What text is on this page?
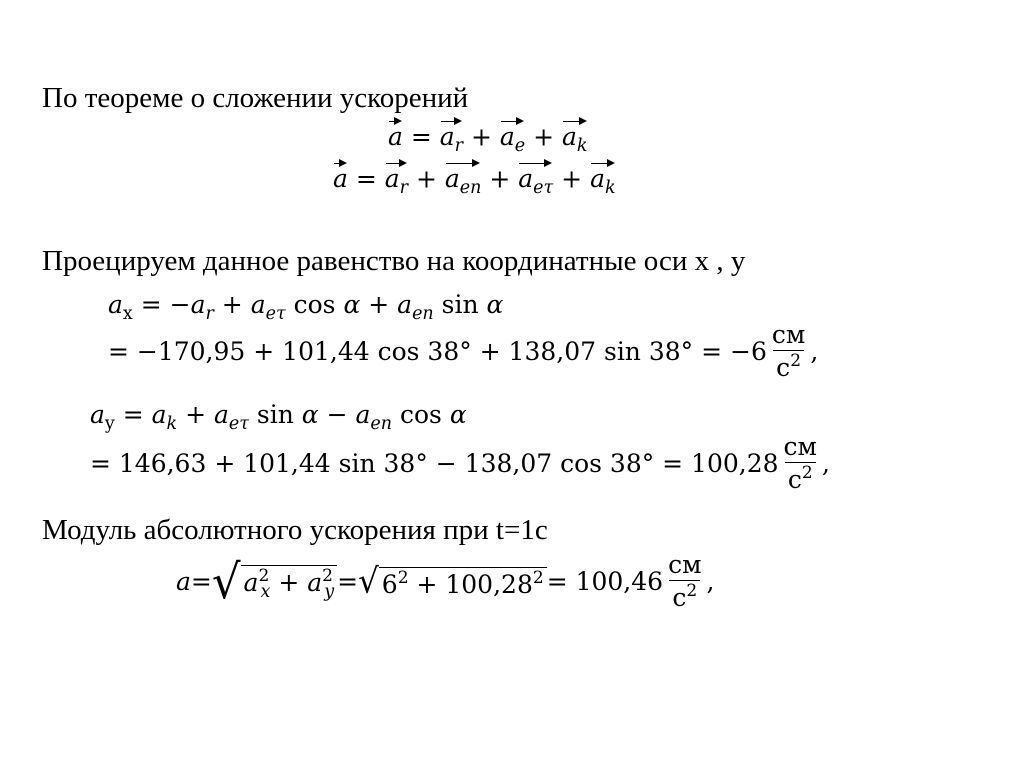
По теореме о сложении ускорений
$a = a_r + a_e + a_k$
$a = a_r + a_{en} + a_{e\tau} + a_k$
Проецируем данное равенство на координатные оси x , y
$a_x = -a_r + a_{e\tau}$ $\cos \alpha + a_{en}$ sin α
= −170,95 + 101,44 cos 38° + 138,07 $\sin 38^\circ = -6 \frac{см}{с^2}$ ,
$a_y = a_k + a_{e\tau}$ $\sin \alpha - a_{en}$ cos α
= 146,63 + 101,44 sin 38° − 138,07 $\cos 38^\circ = 100,28 \frac{см}{с^2}$ ,
Модуль абсолютного ускорения при t=1c
a = √ $a^2_x + a^2_y$ = √ $6^2 + 100,28^2 = 100,46 \frac{см}{с^2}$ ,
